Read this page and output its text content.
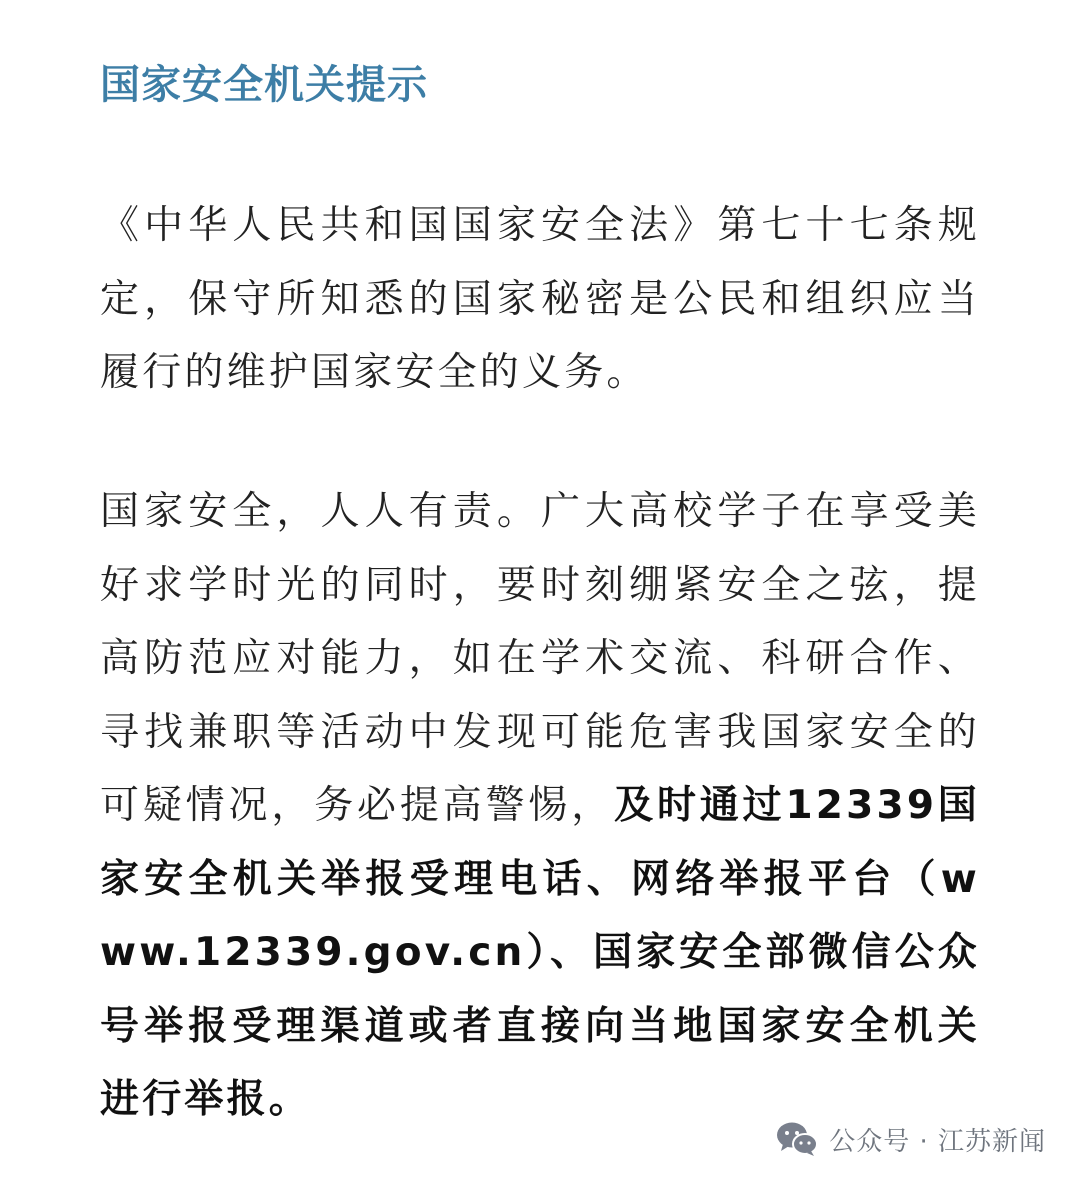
国家安全机关提示

《中华人民共和国国家安全法》第七十七条规定，保守所知悉的国家秘密是公民和组织应当履行的维护国家安全的义务。

国家安全，人人有责。广大高校学子在享受美好求学时光的同时，要时刻绷紧安全之弦，提高防范应对能力，如在学术交流、科研合作、寻找兼职等活动中发现可能危害我国家安全的可疑情况，务必提高警惕，及时通过12339国家安全机关举报受理电话、网络举报平台（www.12339.gov.cn）、国家安全部微信公众号举报受理渠道或者直接向当地国家安全机关进行举报。

公众号 · 江苏新闻
